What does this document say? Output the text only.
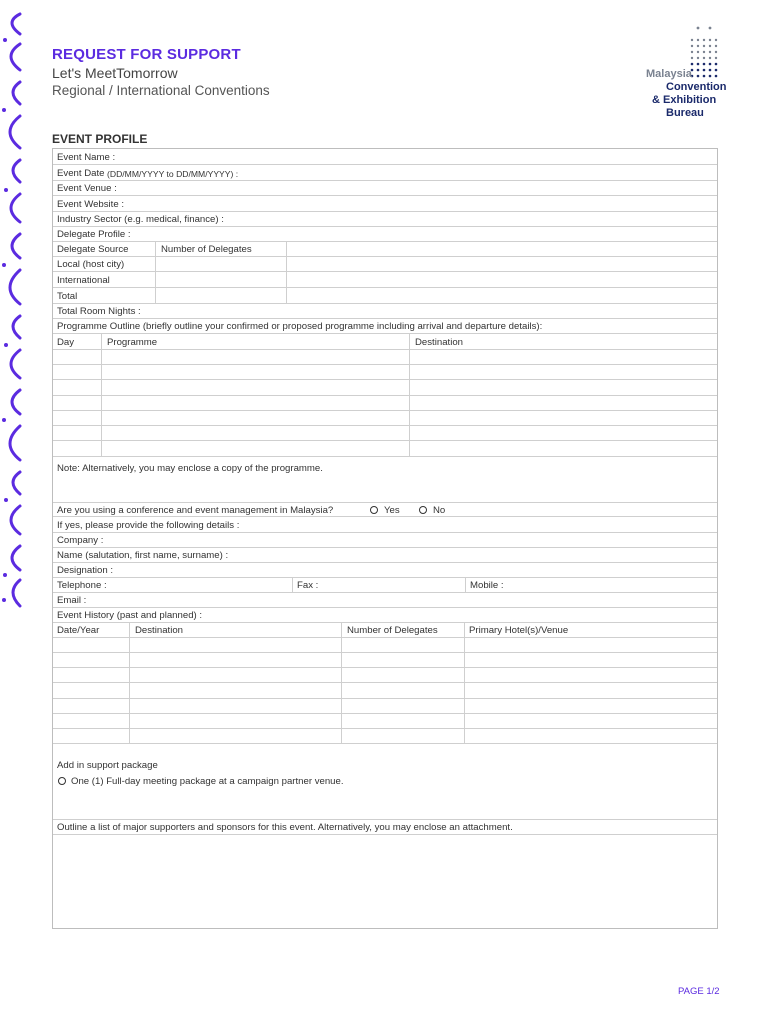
REQUEST FOR SUPPORT
Let's MeetTomorrow
Regional / International Conventions
Malaysia
Convention
& Exhibition
Bureau
EVENT PROFILE
Event Name :
Event Date (DD/MM/YYYY to DD/MM/YYYY) :
Event Venue :
Event Website :
Industry Sector (e.g. medical, finance) :
Delegate Profile :
Delegate Source	Number of Delegates
Local (host city)
International
Total
Total Room Nights :
Programme Outline (briefly outline your confirmed or proposed programme including arrival and departure details):
Day	Programme	Destination
Note: Alternatively, you may enclose a copy of the programme.
Are you using a conference and event management in Malaysia?	Yes	No
If yes, please provide the following details :
Company :
Name (salutation, first name, surname) :
Designation :
Telephone :	Fax :	Mobile :
Email :
Event History (past and planned) :
Date/Year	Destination	Number of Delegates	Primary Hotel(s)/Venue
Add in support package
One (1) Full-day meeting package at a campaign partner venue.
Outline a list of major supporters and sponsors for this event. Alternatively, you may enclose an attachment.
PAGE 1/2
